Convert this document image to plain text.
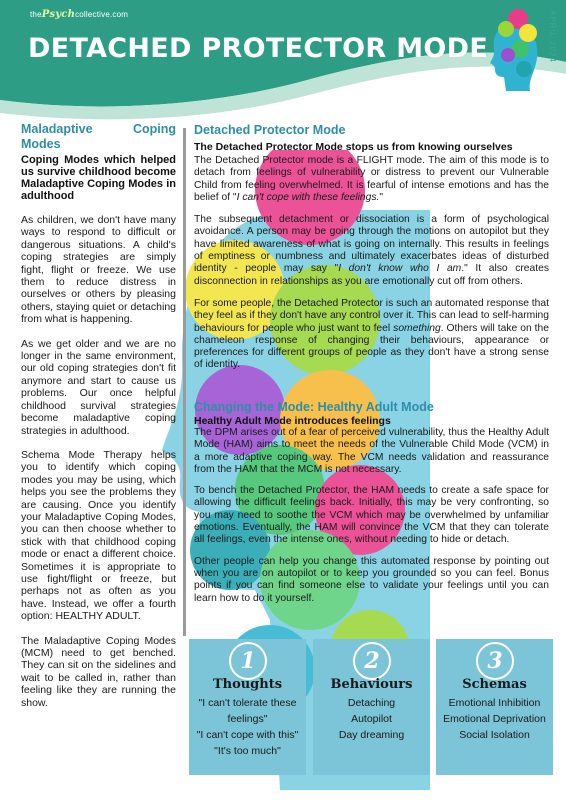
thePsychcollective.com
DETACHED PROTECTOR MODE	APRIL 2024
Maladaptive Coping Modes
Coping Modes which helped us survive childhood become Maladaptive Coping Modes in adulthood

As children, we don't have many ways to respond to difficult or dangerous situations. A child's coping strategies are simply fight, flight or freeze. We use them to reduce distress in ourselves or others by pleasing others, staying quiet or detaching from what is happening.

As we get older and we are no longer in the same environment, our old coping strategies don't fit anymore and start to cause us problems. Our once helpful childhood survival strategies become maladaptive coping strategies in adulthood.

Schema Mode Therapy helps you to identify which coping modes you may be using, which helps you see the problems they are causing. Once you identify your Maladaptive Coping Modes, you can then choose whether to stick with that childhood coping mode or enact a different choice. Sometimes it is appropriate to use fight/flight or freeze, but perhaps not as often as you have. Instead, we offer a fourth option: HEALTHY ADULT.

The Maladaptive Coping Modes (MCM) need to get benched. They can sit on the sidelines and wait to be called in, rather than feeling like they are running the show.

Detached Protector Mode
The Detached Protector Mode stops us from knowing ourselves

The Detached Protector mode is a FLIGHT mode. The aim of this mode is to detach from feelings of vulnerability or distress to prevent our Vulnerable Child from feeling overwhelmed. It is fearful of intense emotions and has the belief of "I can't cope with these feelings."

The subsequent detachment or dissociation is a form of psychological avoidance. A person may be going through the motions on autopilot but they have limited awareness of what is going on internally. This results in feelings of emptiness or numbness and ultimately exacerbates ideas of disturbed identity - people may say "I don't know who I am." It also creates disconnection in relationships as you are emotionally cut off from others.

For some people, the Detached Protector is such an automated response that they feel as if they don't have any control over it. This can lead to self-harming behaviours for people who just want to feel something. Others will take on the chameleon response of changing their behaviours, appearance or preferences for different groups of people as they don't have a strong sense of identity.

Changing the Mode: Healthy Adult Mode
Healthy Adult Mode introduces feelings

The DPM arises out of a fear of perceived vulnerability, thus the Healthy Adult Mode (HAM) aims to meet the needs of the Vulnerable Child Mode (VCM) in a more adaptive coping way. The VCM needs validation and reassurance from the HAM that the MCM is not necessary.

To bench the Detached Protector, the HAM needs to create a safe space for allowing the difficult feelings back. Initially, this may be very confronting, so you may need to soothe the VCM which may be overwhelmed by unfamiliar emotions. Eventually, the HAM will convince the VCM that they can tolerate all feelings, even the intense ones, without needing to hide or detach.

Other people can help you change this automated response by pointing out when you are on autopilot or to keep you grounded so you can feel. Bonus points if you can find someone else to validate your feelings until you can learn how to do it yourself.

1
Thoughts
"I can't tolerate these
feelings"
"I can't cope with this"
"It's too much"
2
Behaviours
Detaching
Autopilot
Day dreaming
3
Schemas
Emotional Inhibition
Emotional Deprivation
Social Isolation
